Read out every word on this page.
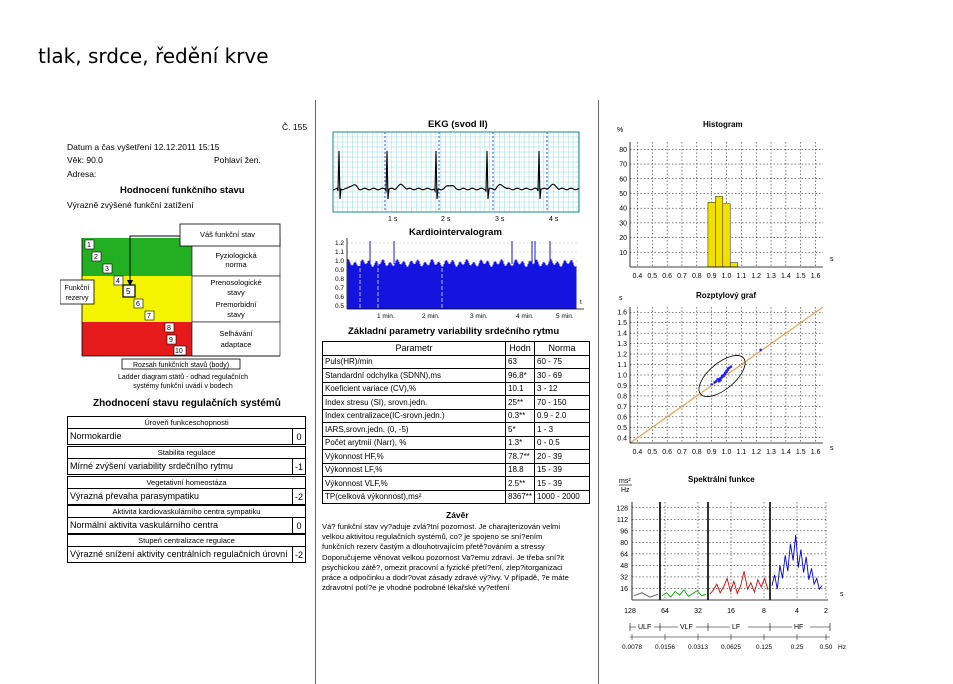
tlak, srdce, ředění krve
Č. 155
Datum a čas vyšetření 12.12.2011 15:15
Věk: 90.0	Pohlaví žen.
Adresa:
Hodnocení funkčního stavu
Výrazně zvýšené funkční zatížení
1
2
3
4
5
6
7
8
9
10
Váš funkční stav
Fyziologická
norma
Prenosologické
stavy
Premorbidní
stavy
Selhávání
adaptace
Funkční
rezervy
Rozsah funkčních stavů (body)
Ladder diagram stätů - odhad regulačních
systémy funkční uvádí v bodech
Zhodnocení stavu regulačních systémů
Úroveň funkceschopnosti
Normokardie	0
Stabilita regulace
Mírné zvýšení variability srdečního rytmu	-1
Vegetativní homeostáza
Výrazná převaha parasympatiku	-2
Aktivita kardiovaskulárního centra sympatiku
Normální aktivita vaskulárního centra	0
Stupeň centralizace regulace
Výrazné snížení aktivity centrálních regulačních úrovní -2
EKG (svod II)
1 s	2 s	3 s	4 s
Kardiointervalogram
1.2
1.1
1.0
0.9
0.8
0.7
0.6
0.5
1 min.	2 min.	3 min.	4 min.	5 min.
t
Základní parametry variability srdečního rytmu
Parametr	Hodn	Norma
Puls(HR)/min	63	60 - 75
Standardní odchylka (SDNN),ms	96.8*	30 - 69
Koeficient variace (CV),%	10.1	3 - 12
Index stresu (SI), srovn.jedn.	25**	70 - 150
Index centralizace(IC-srovn.jedn.)	0.3**	0.9 - 2.0
IARS,srovn.jedn. (0, -5)	5*	1 - 3
Počet arytmií (Narr), %	1.3*	0 - 0.5
Výkonnost HF,%	78.7**	20 - 39
Výkonnost LF,%	18.8	15 - 39
Výkonnost VLF,%	2.5**	15 - 39
TP(celková výkonnost),ms²	8367**	1000 - 2000
Závěr
Vá? funkční stav vy?aduje zvlá?tní pozornost. Je charajterizován velmi
velkou aktivitou regulačních systémů, co? je spojeno se sní?ením
funkčních rezerv častým a dlouhotrvajícím přetě?ováním a stressy
Doporučujeme věnovat velkou pozornost Va?emu zdraví. Je třeba sní?it
psychickou zátě?, omezit pracovní a fyzické přetí?ení, zlep?itorganizaci
práce a odpočinku a dodr?ovat zásady zdravé vý?ivy. V případě, ?e máte
zdravotní potí?e je vhodné podrobné lékařské vy?etření
Histogram
%
s
80
70
60
50
40
30
20
10
0.4 0.5 0.6 0.7 0.8 0.9 1.0 1.1 1.2 1.3 1.4 1.5 1.6
Rozptylový graf
s
s
1.6
1.5
1.4
1.3
1.2
1.1
1.0
0.9
0.8
0.7
0.6
0.5
0.4
0.4 0.5 0.6 0.7 0.8 0.9 1.0 1.1 1.2 1.3 1.4 1.5 1.6
Spektrální funkce
ms²
Hz
128
112
96
80
64
48
32
16
128	64	32	16	8	4	2
s
ULF	VLF	LF	HF
0.0078 0.0156 0.0313 0.0625 0.125	0.25	0.50 Hz
